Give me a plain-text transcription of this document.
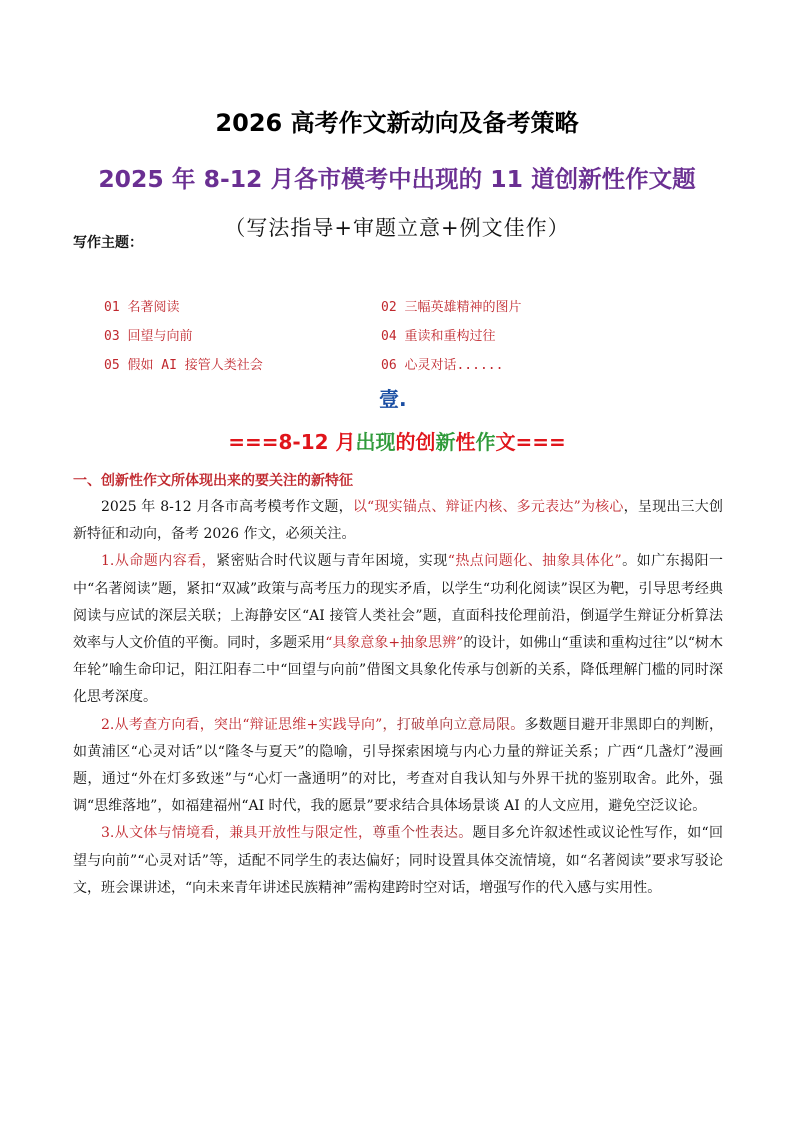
2026 高考作文新动向及备考策略
2025 年 8-12 月各市模考中出现的 11 道创新性作文题
（写法指导+审题立意+例文佳作）
写作主题：
01 名著阅读	02 三幅英雄精神的图片
03 回望与向前	04 重读和重构过往
05 假如 AI 接管人类社会	06 心灵对话......
壹.
===8-12 月出现的创新性作文===
一、创新性作文所体现出来的要关注的新特征

2025 年 8-12 月各市高考模考作文题，以“现实锚点、辩证内核、多元表达”为核心，呈现出三大创新特征和动向，备考 2026 作文，必须关注。

1.从命题内容看，紧密贴合时代议题与青年困境，实现“热点问题化、抽象具体化”。如广东揭阳一中“名著阅读”题，紧扣“双减”政策与高考压力的现实矛盾，以学生“功利化阅读”误区为靶，引导思考经典阅读与应试的深层关联；上海静安区“AI 接管人类社会”题，直面科技伦理前沿，倒逼学生辩证分析算法效率与人文价值的平衡。同时，多题采用“具象意象+抽象思辨”的设计，如佛山“重读和重构过往”以“树木年轮”喻生命印记，阳江阳春二中“回望与向前”借图文具象化传承与创新的关系，降低理解门槛的同时深化思考深度。

2.从考查方向看，突出“辩证思维+实践导向”，打破单向立意局限。多数题目避开非黑即白的判断，如黄浦区“心灵对话”以“隆冬与夏天”的隐喻，引导探索困境与内心力量的辩证关系；广西“几盏灯”漫画题，通过“外在灯多致迷”与“心灯一盏通明”的对比，考查对自我认知与外界干扰的鉴别取舍。此外，强调“思维落地”，如福建福州“AI 时代，我的愿景”要求结合具体场景谈 AI 的人文应用，避免空泛议论。

3.从文体与情境看，兼具开放性与限定性，尊重个性表达。题目多允许叙述性或议论性写作，如“回望与向前”“心灵对话”等，适配不同学生的表达偏好；同时设置具体交流情境，如“名著阅读”要求写驳论文，班会课讲述，“向未来青年讲述民族精神”需构建跨时空对话，增强写作的代入感与实用性。
